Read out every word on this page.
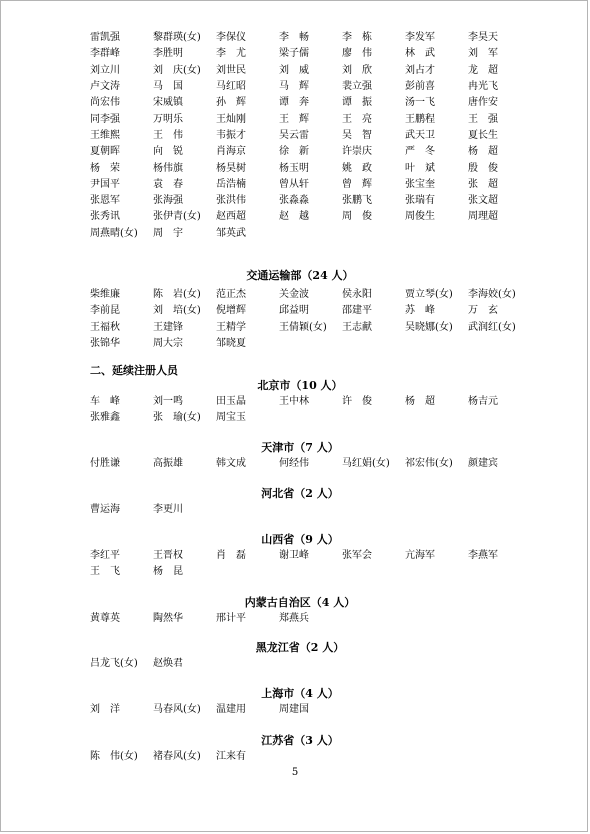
雷凯强	黎群瑛(女)	李保仪	李　畅	李　栋	李发军	李昊天
李群峰	李胜明	李　尤	梁子儒	廖　伟	林　武	刘　军
刘立川	刘　庆(女)	刘世民	刘　威	刘　欣	刘占才	龙　超
卢文涛	马　国	马红昭	马　辉	裴立强	彭前喜	冉光飞
尚宏伟	宋威镇	孙　辉	谭　奔	谭　振	汤一飞	唐作安
同李强	万明乐	王灿刚	王　辉	王　亮	王鹏程	王　强
王维熙	王　伟	韦振才	吴云雷	吴　智	武天卫	夏长生
夏朝晖	向　锐	肖海京	徐　新	许崇庆	严　冬	杨　超
杨　荣	杨伟旗	杨昊树	杨玉明	姚　政	叶　斌	殷　俊
尹国平	袁　春	岳浩楠	曾从轩	曾　辉	张宝奎	张　超
张恩军	张海强	张洪伟	张淼淼	张鹏飞	张瑞有	张文超
张秀讯	张伊青(女)	赵西超	赵　越	周　俊	周俊生	周理超
周燕晴(女)	周　宇	邹英武
交通运输部（24 人）
柴维廉	陈　岩(女)	范正杰	关金波	侯永阳	贾立琴(女)	李海姣(女)
李前昆	刘　培(女)	倪增辉	邱益明	邵建平	苏　峰	万　玄
王福秋	王建锋	王精学	王倩颖(女)	王志献	吴晓娜(女)	武润红(女)
张锦华	周大宗	邹晓夏
二、延续注册人员
北京市（10 人）
车　峰	刘一鸣	田玉晶	王中林	许　俊	杨　超	杨吉元
张雅鑫	张　瑜(女)	周宝玉
天津市（7 人）
付胜谦	高振雄	韩文成	何经伟	马红娟(女)	祁宏伟(女)	颜建宾
河北省（2 人）
曹运海	李更川
山西省（9 人）
李红平	王晋权	肖　磊	谢卫峰	张军会	亢海军	李燕军
王　飞	杨　昆
内蒙古自治区（4 人）
黄尊英	陶然华	邢计平	郑燕兵
黑龙江省（2 人）
吕龙飞(女)	赵焕君
上海市（4 人）
刘　洋	马春风(女)	温建用	周建国
江苏省（3 人）
陈　伟(女)	褚春风(女)	江来有
5
